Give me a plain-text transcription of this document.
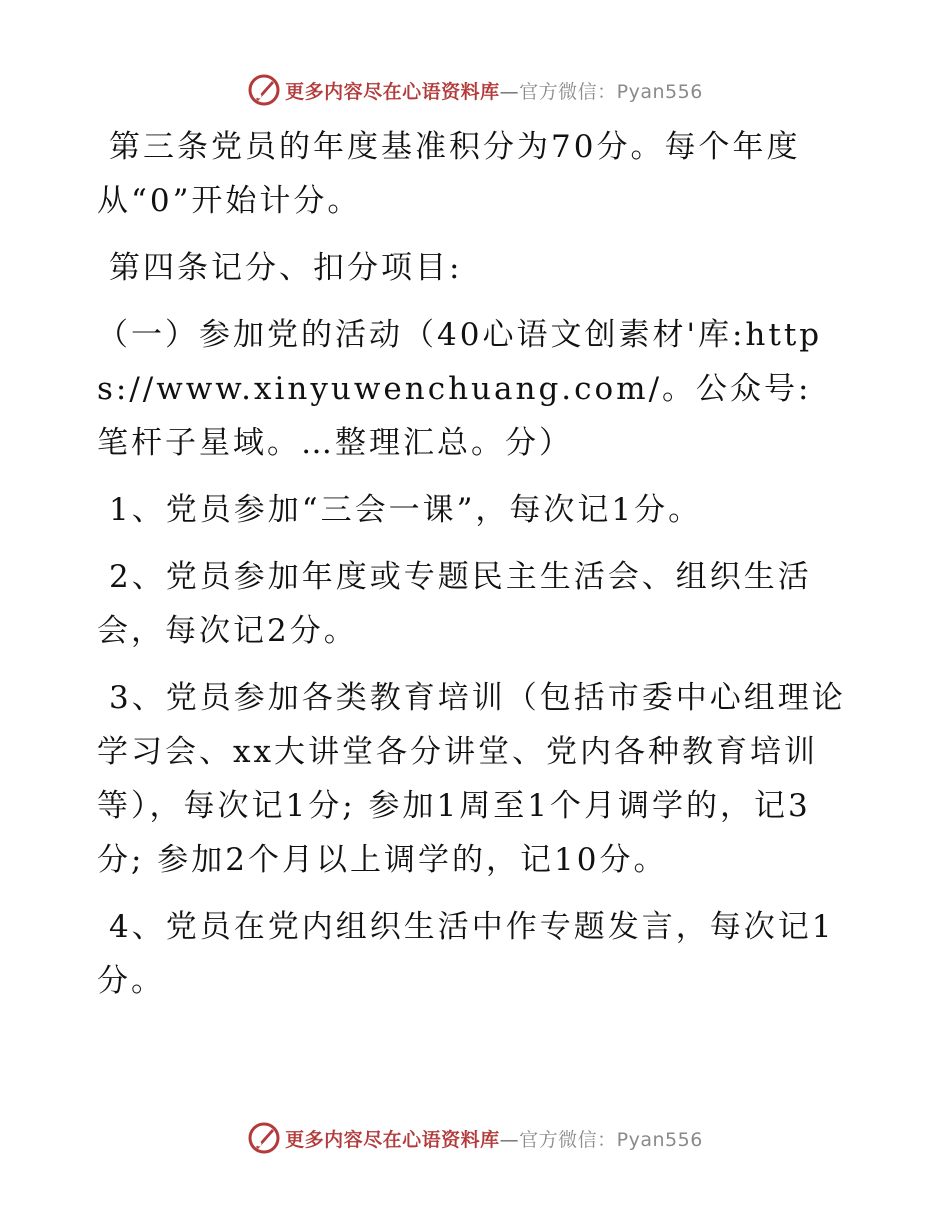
更多内容尽在心语资料库—官方微信：Pyan556

第三条党员的年度基准积分为70分。每个年度从“0”开始计分。

第四条记分、扣分项目:

（一）参加党的活动（40心语文创素材'库:https://www.xinyuwenchuang.com/。公众号: 笔杆子星域。…整理汇总。分）

1、党员参加“三会一课”，每次记1分。

2、党员参加年度或专题民主生活会、组织生活会，每次记2分。

3、党员参加各类教育培训（包括市委中心组理论学习会、xx大讲堂各分讲堂、党内各种教育培训等），每次记1分; 参加1周至1个月调学的，记3分; 参加2个月以上调学的，记10分。

4、党员在党内组织生活中作专题发言，每次记1分。

更多内容尽在心语资料库—官方微信：Pyan556
